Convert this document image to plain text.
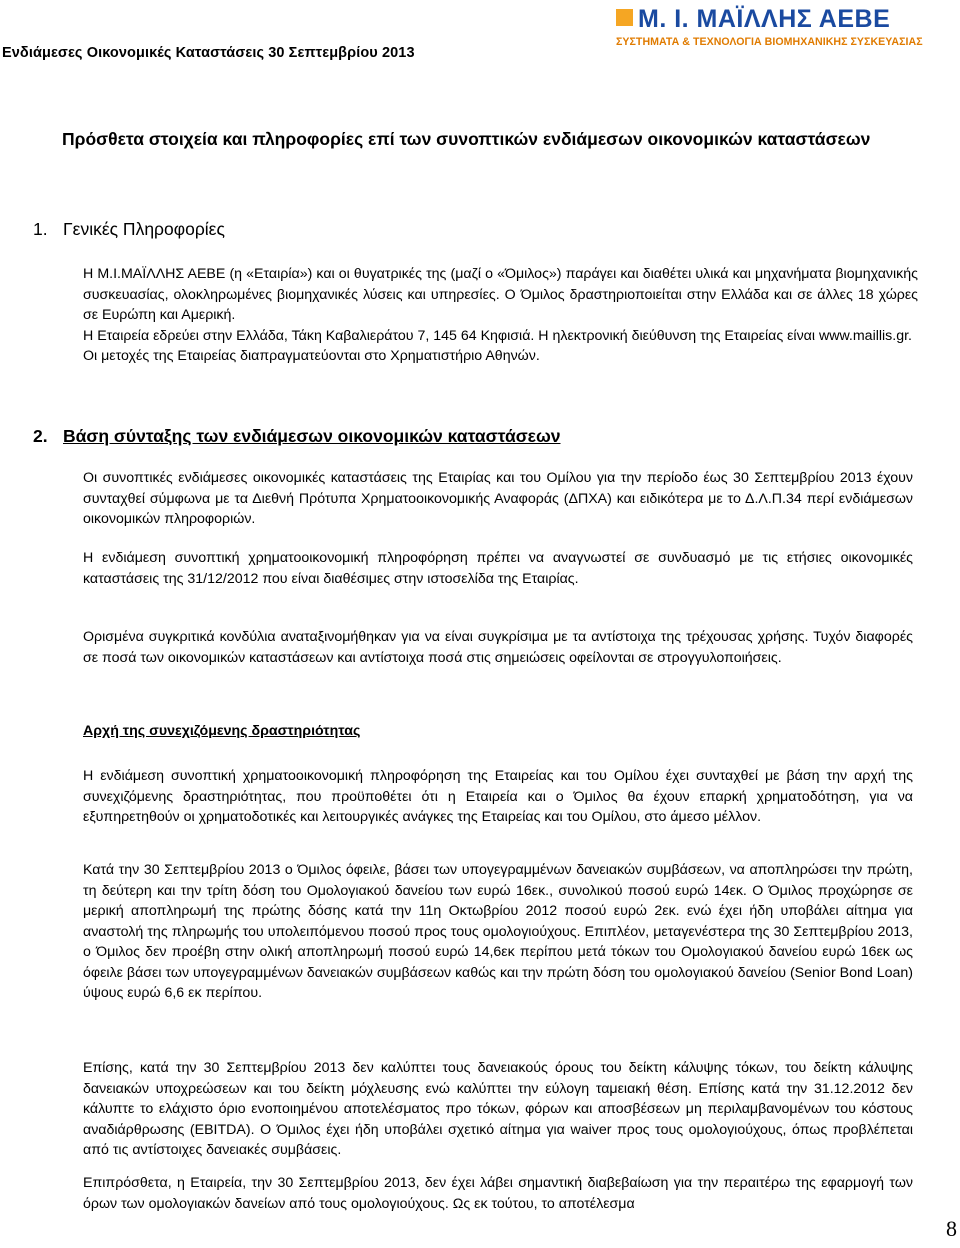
Ενδιάμεσες Οικονομικές Καταστάσεις 30 Σεπτεμβρίου 2013
Μ. Ι. ΜΑΪΛΛΗΣ ΑΕΒΕ
ΣΥΣΤΗΜΑΤΑ & ΤΕΧΝΟΛΟΓΙΑ ΒΙΟΜΗΧΑΝΙΚΗΣ ΣΥΣΚΕΥΑΣΙΑΣ
Πρόσθετα στοιχεία και πληροφορίες επί των συνοπτικών ενδιάμεσων οικονομικών καταστάσεων
1. Γενικές Πληροφορίες

Η Μ.Ι.ΜΑΪΛΛΗΣ ΑΕΒΕ (η «Εταιρία») και οι θυγατρικές της (μαζί ο «Όμιλος») παράγει και διαθέτει υλικά και μηχανήματα βιομηχανικής συσκευασίας, ολοκληρωμένες βιομηχανικές λύσεις και υπηρεσίες. Ο Όμιλος δραστηριοποιείται στην Ελλάδα και σε άλλες 18 χώρες σε Ευρώπη και Αμερική.

Η Εταιρεία εδρεύει στην Ελλάδα, Τάκη Καβαλιεράτου 7, 145 64 Κηφισιά. Η ηλεκτρονική διεύθυνση της Εταιρείας είναι www.maillis.gr.

Οι μετοχές της Εταιρείας διαπραγματεύονται στο Χρηματιστήριο Αθηνών.

2. Βάση σύνταξης των ενδιάμεσων οικονομικών καταστάσεων
Οι συνοπτικές ενδιάμεσες οικονομικές καταστάσεις της Εταιρίας και του Ομίλου για την περίοδο έως 30 Σεπτεμβρίου 2013 έχουν συνταχθεί σύμφωνα με τα Διεθνή Πρότυπα Χρηματοοικονομικής Αναφοράς (ΔΠΧΑ) και ειδικότερα με το Δ.Λ.Π.34 περί ενδιάμεσων οικονομικών πληροφοριών.
Η ενδιάμεση συνοπτική χρηματοοικονομική πληροφόρηση πρέπει να αναγνωστεί σε συνδυασμό με τις ετήσιες οικονομικές καταστάσεις της 31/12/2012 που είναι διαθέσιμες στην ιστοσελίδα της Εταιρίας.
Ορισμένα συγκριτικά κονδύλια αναταξινομήθηκαν για να είναι συγκρίσιμα με τα αντίστοιχα της τρέχουσας χρήσης. Τυχόν διαφορές σε ποσά των οικονομικών καταστάσεων και αντίστοιχα ποσά στις σημειώσεις οφείλονται σε στρογγυλοποιήσεις.
Αρχή της συνεχιζόμενης δραστηριότητας
Η ενδιάμεση συνοπτική χρηματοοικονομική πληροφόρηση της Εταιρείας και του Ομίλου έχει συνταχθεί με βάση την αρχή της συνεχιζόμενης δραστηριότητας, που προϋποθέτει ότι η Εταιρεία και ο Όμιλος θα έχουν επαρκή χρηματοδότηση, για να εξυπηρετηθούν οι χρηματοδοτικές και λειτουργικές ανάγκες της Εταιρείας και του Ομίλου, στο άμεσο μέλλον.
Κατά την 30 Σεπτεμβρίου 2013 ο Όμιλος όφειλε, βάσει των υπογεγραμμένων δανειακών συμβάσεων, να αποπληρώσει την πρώτη, τη δεύτερη και την τρίτη δόση του Ομολογιακού δανείου των ευρώ 16εκ., συνολικού ποσού ευρώ 14εκ. Ο Όμιλος προχώρησε σε μερική αποπληρωμή της πρώτης δόσης κατά την 11η Οκτωβρίου 2012 ποσού ευρώ 2εκ. ενώ έχει ήδη υποβάλει αίτημα για αναστολή της πληρωμής του υπολειπόμενου ποσού προς τους ομολογιούχους. Επιπλέον, μεταγενέστερα της 30 Σεπτεμβρίου 2013, ο Όμιλος δεν προέβη στην ολική αποπληρωμή ποσού ευρώ 14,6εκ περίπου μετά τόκων του Ομολογιακού δανείου ευρώ 16εκ ως όφειλε βάσει των υπογεγραμμένων δανειακών συμβάσεων καθώς και την πρώτη δόση του ομολογιακού δανείου (Senior Bond Loan) ύψους ευρώ 6,6 εκ περίπου.
Επίσης, κατά την 30 Σεπτεμβρίου 2013 δεν καλύπτει τους δανειακούς όρους του δείκτη κάλυψης τόκων, του δείκτη κάλυψης δανειακών υποχρεώσεων και του δείκτη μόχλευσης ενώ καλύπτει την εύλογη ταμειακή θέση. Επίσης κατά την 31.12.2012 δεν κάλυπτε το ελάχιστο όριο ενοποιημένου αποτελέσματος προ τόκων, φόρων και αποσβέσεων μη περιλαμβανομένων του κόστους αναδιάρθρωσης (EBITDA). Ο Όμιλος έχει ήδη υποβάλει σχετικό αίτημα για waiver προς τους ομολογιούχους, όπως προβλέπεται από τις αντίστοιχες δανειακές συμβάσεις.
Επιπρόσθετα, η Εταιρεία, την 30 Σεπτεμβρίου 2013, δεν έχει λάβει σημαντική διαβεβαίωση για την περαιτέρω της εφαρμογή των όρων των ομολογιακών δανείων από τους ομολογιούχους. Ως εκ τούτου, το αποτέλεσμα
8
